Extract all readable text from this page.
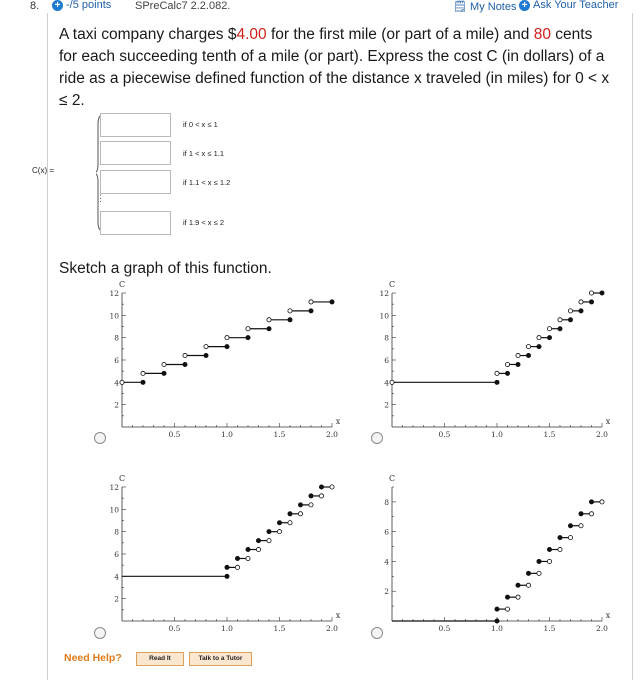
8. + -/5 points SPreCalc7 2.2.082.	🗒 My Notes + Ask Your Teacher
A taxi company charges $4.00 for the first mile (or part of a mile) and 80 cents for each succeeding tenth of a mile (or part). Express the cost C (in dollars) of a ride as a piecewise defined function of the distance x traveled (in miles) for 0 < x ≤ 2.
C(x) =
if 0 < x ≤ 1
if 1 < x ≤ 1.1
if 1.1 < x ≤ 1.2
⋮
if 1.9 < x ≤ 2
Sketch a graph of this function.
0.5	1.0	1.5	2.0
2
4
6
8
10
12
C
x
0.5	1.0	1.5	2.0
2
4
6
8
10
12
C
x
0.5	1.0	1.5	2.0
2
4
6
8
10
12
C
x
0.5	1.0	1.5	2.0
2
4
6
8
C
x
Need Help?	Read It	Talk to a Tutor
